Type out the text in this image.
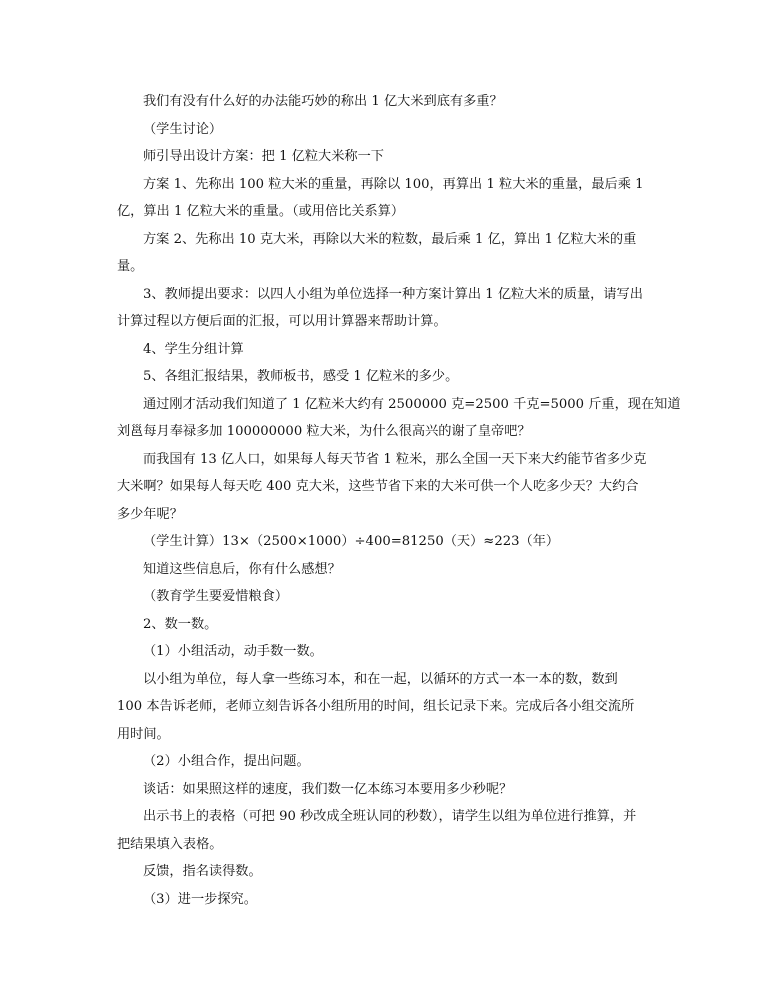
我们有没有什么好的办法能巧妙的称出 1 亿大米到底有多重？
（学生讨论）
师引导出设计方案：把 1 亿粒大米称一下
方案 1、先称出 100 粒大米的重量，再除以 100，再算出 1 粒大米的重量，最后乘 1
亿，算出 1 亿粒大米的重量。（或用倍比关系算）
方案 2、先称出 10 克大米，再除以大米的粒数，最后乘 1 亿，算出 1 亿粒大米的重
量。
3、教师提出要求：以四人小组为单位选择一种方案计算出 1 亿粒大米的质量，请写出
计算过程以方便后面的汇报，可以用计算器来帮助计算。
4、学生分组计算
5、各组汇报结果，教师板书，感受 1 亿粒米的多少。
通过刚才活动我们知道了 1 亿粒米大约有 2500000 克=2500 千克=5000 斤重，现在知道
刘邕每月奉禄多加 100000000 粒大米，为什么很高兴的谢了皇帝吧？
而我国有 13 亿人口，如果每人每天节省 1 粒米，那么全国一天下来大约能节省多少克
大米啊？如果每人每天吃 400 克大米，这些节省下来的大米可供一个人吃多少天？大约合
多少年呢？
（学生计算）13×（2500×1000）÷400=81250（天）≈223（年）
知道这些信息后，你有什么感想？
（教育学生要爱惜粮食）
2、数一数。
（1）小组活动，动手数一数。
以小组为单位，每人拿一些练习本，和在一起，以循环的方式一本一本的数，数到
100 本告诉老师，老师立刻告诉各小组所用的时间，组长记录下来。完成后各小组交流所
用时间。
（2）小组合作，提出问题。
谈话：如果照这样的速度，我们数一亿本练习本要用多少秒呢？
出示书上的表格（可把 90 秒改成全班认同的秒数），请学生以组为单位进行推算，并
把结果填入表格。
反馈，指名读得数。
（3）进一步探究。
